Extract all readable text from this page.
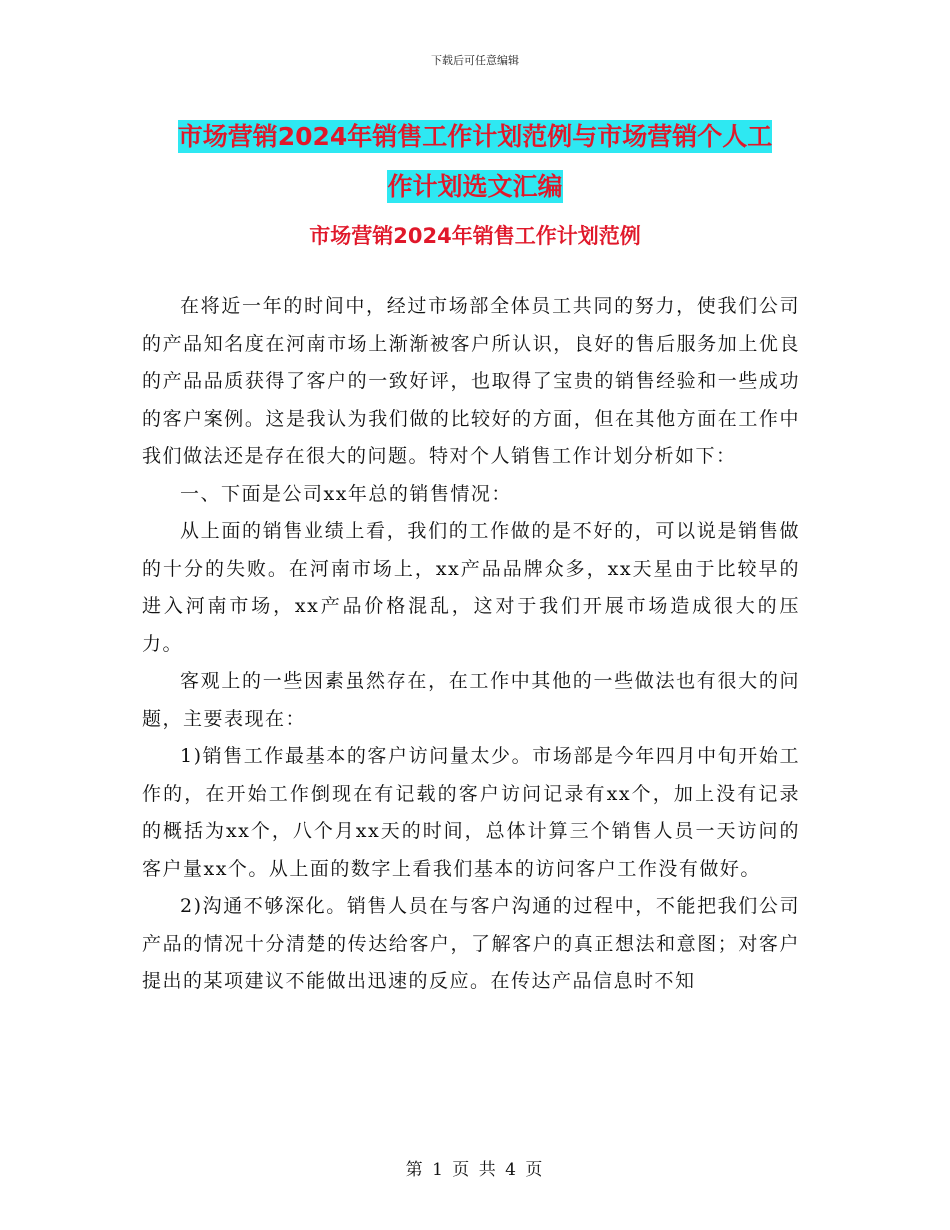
下载后可任意编辑
市场营销2024年销售工作计划范例与市场营销个人工
作计划选文汇编
市场营销2024年销售工作计划范例

在将近一年的时间中，经过市场部全体员工共同的努力，使我们公司的产品知名度在河南市场上渐渐被客户所认识，良好的售后服务加上优良的产品品质获得了客户的一致好评，也取得了宝贵的销售经验和一些成功的客户案例。这是我认为我们做的比较好的方面，但在其他方面在工作中我们做法还是存在很大的问题。特对个人销售工作计划分析如下：

一、下面是公司xx年总的销售情况：

从上面的销售业绩上看，我们的工作做的是不好的，可以说是销售做的十分的失败。在河南市场上，xx产品品牌众多，xx天星由于比较早的进入河南市场，xx产品价格混乱，这对于我们开展市场造成很大的压力。

客观上的一些因素虽然存在，在工作中其他的一些做法也有很大的问题，主要表现在：

1)销售工作最基本的客户访问量太少。市场部是今年四月中旬开始工作的，在开始工作倒现在有记载的客户访问记录有xx个，加上没有记录的概括为xx个，八个月xx天的时间，总体计算三个销售人员一天访问的客户量xx个。从上面的数字上看我们基本的访问客户工作没有做好。

2)沟通不够深化。销售人员在与客户沟通的过程中，不能把我们公司产品的情况十分清楚的传达给客户，了解客户的真正想法和意图；对客户提出的某项建议不能做出迅速的反应。在传达产品信息时不知

第 1 页 共 4 页
